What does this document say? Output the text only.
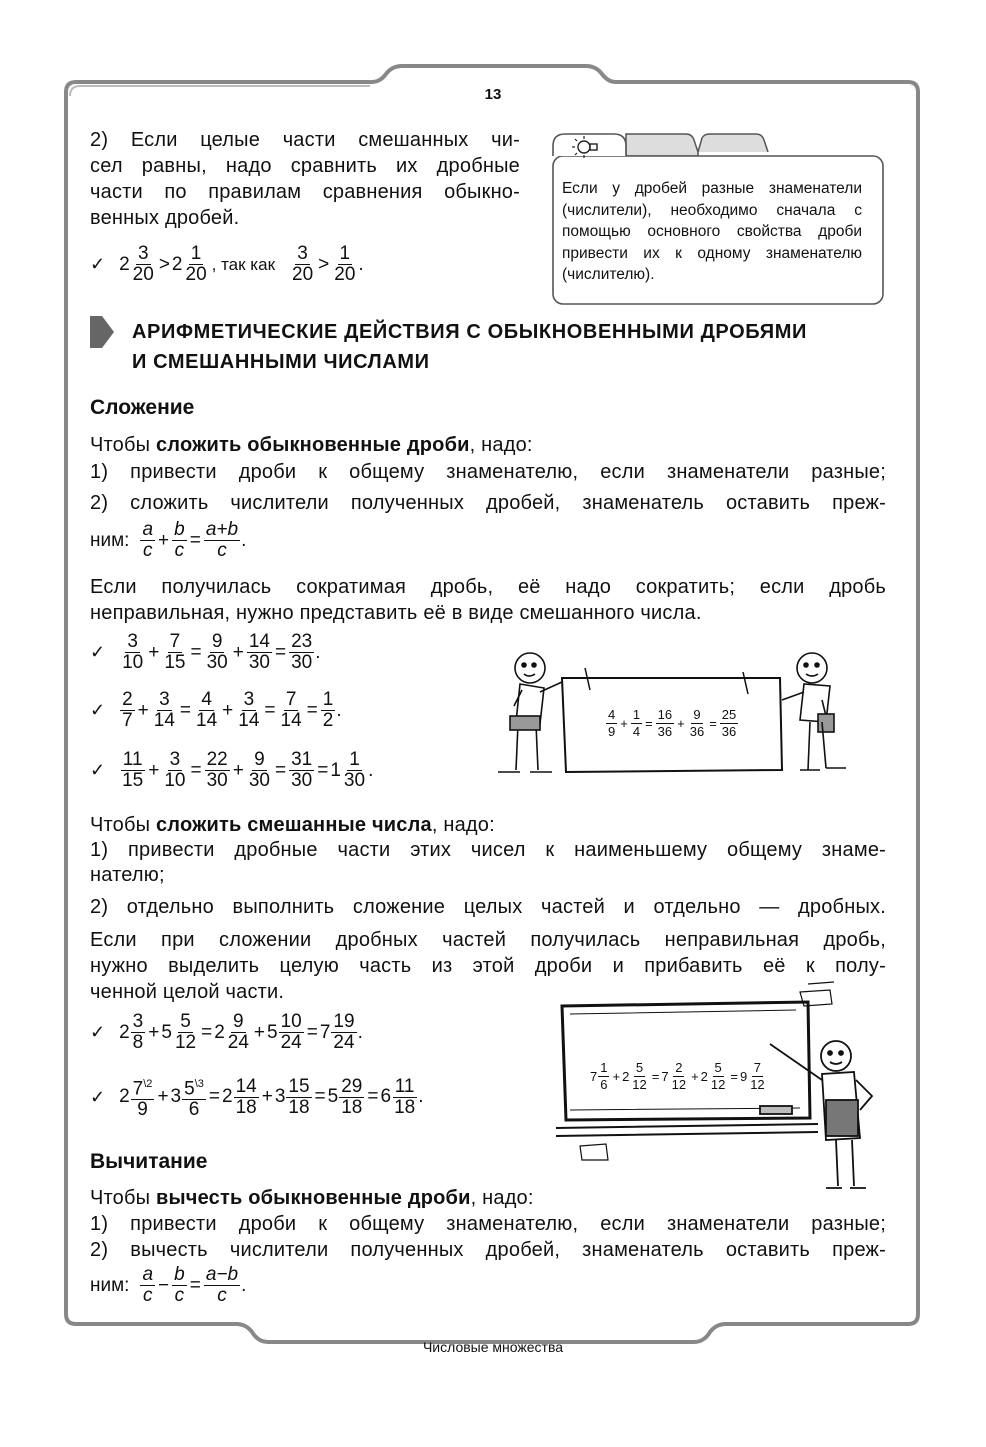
13
2) Если целые части смешанных чи-
сел равны, надо сравнить их дробные
части по правилам сравнения обыкно-
венных дробей.
✓ $2 \frac{3}{20} > 2 \frac{1}{20}$ , так как $\frac{3}{20} > \frac{1}{20}$ .
Если у дробей разные знаменатели (числители), необходимо сначала с помощью основного свойства дроби привести их к одному знаменателю (числителю).
АРИФМЕТИЧЕСКИЕ ДЕЙСТВИЯ С ОБЫКНОВЕННЫМИ ДРОБЯМИ
И СМЕШАННЫМИ ЧИСЛАМИ
Сложение
Чтобы сложить обыкновенные дроби, надо:
1) привести дроби к общему знаменателю, если знаменатели разные;
2) сложить числители полученных дробей, знаменатель оставить преж-
ним: $\frac{a}{c} + \frac{b}{c} = \frac{a+b}{c}$ .
Если получилась сократимая дробь, её надо сократить; если дробь
неправильная, нужно представить её в виде смешанного числа.
✓ $\frac{3}{10} + \frac{7}{15} = \frac{9}{30} + \frac{14}{30} = \frac{23}{30}$ .
✓ $\frac{2}{7} + \frac{3}{14} = \frac{4}{14} + \frac{3}{14} = \frac{7}{14} = \frac{1}{2}$ .
✓ $\frac{11}{15} + \frac{3}{10} = \frac{22}{30} + \frac{9}{30} = \frac{31}{30} = 1 \frac{1}{30}$ .
$\frac{4}{9} + \frac{1}{4} = \frac{16}{36} + \frac{9}{36} = \frac{25}{36}$
Чтобы сложить смешанные числа, надо:
1) привести дробные части этих чисел к наименьшему общему знаме-
нателю;
2) отдельно выполнить сложение целых частей и отдельно — дробных.
Если при сложении дробных частей получилась неправильная дробь,
нужно выделить целую часть из этой дроби и прибавить её к полу-
ченной целой части.
✓ $2 \frac{3}{8} + 5 \frac{5}{12} = 2 \frac{9}{24} + 5 \frac{10}{24} = 7 \frac{19}{24}$ .
✓ $2 \frac{7^{\backslash 2}}{9} + 3 \frac{5^{\backslash 3}}{6} = 2 \frac{14}{18} + 3 \frac{15}{18} = 5 \frac{29}{18} = 6 \frac{11}{18}$ .
$7 \frac{1}{6} + 2 \frac{5}{12} = 7 \frac{2}{12} + 2 \frac{5}{12} = 9 \frac{7}{12}$
Вычитание
Чтобы вычесть обыкновенные дроби, надо:
1) привести дроби к общему знаменателю, если знаменатели разные;
2) вычесть числители полученных дробей, знаменатель оставить преж-
ним: $\frac{a}{c} - \frac{b}{c} = \frac{a-b}{c}$ .
Числовые множества
